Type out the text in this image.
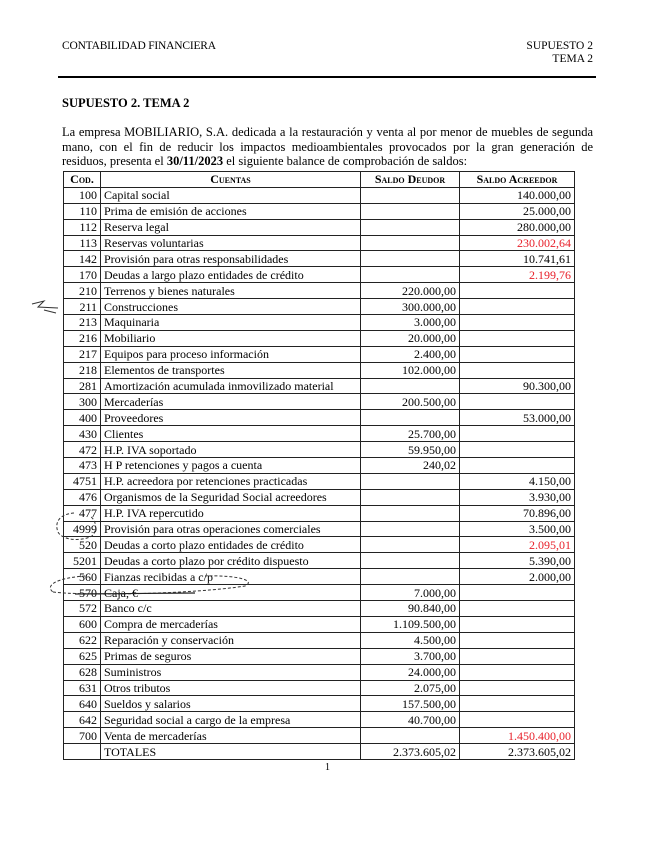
CONTABILIDAD FINANCIERA	SUPUESTO 2
TEMA 2
SUPUESTO 2. TEMA 2
La empresa MOBILIARIO, S.A. dedicada a la restauración y venta al por menor de muebles de segunda mano, con el fin de reducir los impactos medioambientales provocados por la gran generación de residuos, presenta el 30/11/2023 el siguiente balance de comprobación de saldos:
Cod.	Cuentas	Saldo Deudor	Saldo Acreedor
100	Capital social		140.000,00
110	Prima de emisión de acciones		25.000,00
112	Reserva legal		280.000,00
113	Reservas voluntarias		230.002,64
142	Provisión para otras responsabilidades		10.741,61
170	Deudas a largo plazo entidades de crédito		2.199,76
210	Terrenos y bienes naturales	220.000,00	
211	Construcciones	300.000,00	
213	Maquinaria	3.000,00	
216	Mobiliario	20.000,00	
217	Equipos para proceso información	2.400,00	
218	Elementos de transportes	102.000,00	
281	Amortización acumulada inmovilizado material		90.300,00
300	Mercaderías	200.500,00	
400	Proveedores		53.000,00
430	Clientes	25.700,00	
472	H.P. IVA soportado	59.950,00	
473	H P retenciones y pagos a cuenta	240,02	
4751	H.P. acreedora por retenciones practicadas		4.150,00
476	Organismos de la Seguridad Social acreedores		3.930,00
477	H.P. IVA repercutido		70.896,00
4999	Provisión para otras operaciones comerciales		3.500,00
520	Deudas a corto plazo entidades de crédito		2.095,01
5201	Deudas a corto plazo por crédito dispuesto		5.390,00
560	Fianzas recibidas a c/p		2.000,00
570	Caja, €	7.000,00	
572	Banco c/c	90.840,00	
600	Compra de mercaderías	1.109.500,00	
622	Reparación y conservación	4.500,00	
625	Primas de seguros	3.700,00	
628	Suministros	24.000,00	
631	Otros tributos	2.075,00	
640	Sueldos y salarios	157.500,00	
642	Seguridad social a cargo de la empresa	40.700,00	
700	Venta de mercaderías		1.450.400,00
	TOTALES	2.373.605,02	2.373.605,02
1
